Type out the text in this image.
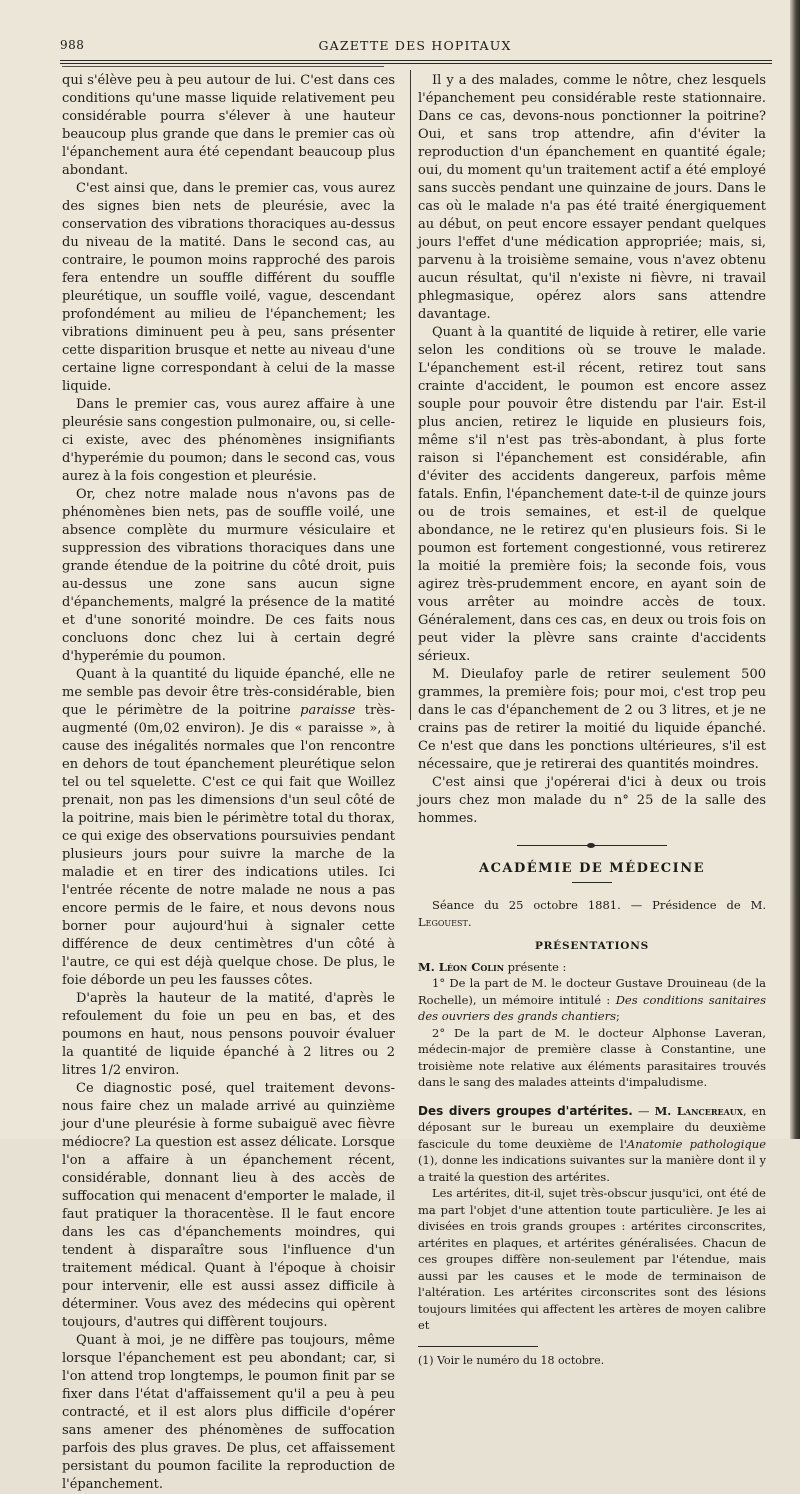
988	GAZETTE DES HOPITAUX

qui s'élève peu à peu autour de lui. C'est dans ces conditions qu'une masse liquide relativement peu considérable pourra s'élever à une hauteur beaucoup plus grande que dans le premier cas où l'épanchement aura été cependant beaucoup plus abondant.

C'est ainsi que, dans le premier cas, vous aurez des signes bien nets de pleurésie, avec la conservation des vibrations thoraciques au-dessus du niveau de la matité. Dans le second cas, au contraire, le poumon moins rapproché des parois fera entendre un souffle différent du souffle pleurétique, un souffle voilé, vague, descendant profondément au milieu de l'épanchement; les vibrations diminuent peu à peu, sans présenter cette disparition brusque et nette au niveau d'une certaine ligne correspondant à celui de la masse liquide.

Dans le premier cas, vous aurez affaire à une pleurésie sans congestion pulmonaire, ou, si celle-ci existe, avec des phénomènes insignifiants d'hyperémie du poumon; dans le second cas, vous aurez à la fois congestion et pleurésie.

Or, chez notre malade nous n'avons pas de phénomènes bien nets, pas de souffle voilé, une absence complète du murmure vésiculaire et suppression des vibrations thoraciques dans une grande étendue de la poitrine du côté droit, puis au-dessus une zone sans aucun signe d'épanchements, malgré la présence de la matité et d'une sonorité moindre. De ces faits nous concluons donc chez lui à certain degré d'hyperémie du poumon.

Quant à la quantité du liquide épanché, elle ne me semble pas devoir être très-considérable, bien que le périmètre de la poitrine paraisse très-augmenté (0m,02 environ). Je dis « paraisse », à cause des inégalités normales que l'on rencontre en dehors de tout épanchement pleurétique selon tel ou tel squelette. C'est ce qui fait que Woillez prenait, non pas les dimensions d'un seul côté de la poitrine, mais bien le périmètre total du thorax, ce qui exige des observations poursuivies pendant plusieurs jours pour suivre la marche de la maladie et en tirer des indications utiles. Ici l'entrée récente de notre malade ne nous a pas encore permis de le faire, et nous devons nous borner pour aujourd'hui à signaler cette différence de deux centimètres d'un côté à l'autre, ce qui est déjà quelque chose. De plus, le foie déborde un peu les fausses côtes.

D'après la hauteur de la matité, d'après le refoulement du foie un peu en bas, et des poumons en haut, nous pensons pouvoir évaluer la quantité de liquide épanché à 2 litres ou 2 litres 1/2 environ.

Ce diagnostic posé, quel traitement devons-nous faire chez un malade arrivé au quinzième jour d'une pleurésie à forme subaiguë avec fièvre médiocre? La question est assez délicate. Lorsque l'on a affaire à un épanchement récent, considérable, donnant lieu à des accès de suffocation qui menacent d'emporter le malade, il faut pratiquer la thoracentèse. Il le faut encore dans les cas d'épanchements moindres, qui tendent à disparaître sous l'influence d'un traitement médical. Quant à l'époque à choisir pour intervenir, elle est aussi assez difficile à déterminer. Vous avez des médecins qui opèrent toujours, d'autres qui diffèrent toujours.

Quant à moi, je ne diffère pas toujours, même lorsque l'épanchement est peu abondant; car, si l'on attend trop longtemps, le poumon finit par se fixer dans l'état d'affaissement qu'il a peu à peu contracté, et il est alors plus difficile d'opérer sans amener des phénomènes de suffocation parfois des plus graves. De plus, cet affaissement persistant du poumon facilite la reproduction de l'épanchement.

Il y a des malades, comme le nôtre, chez lesquels l'épanchement peu considérable reste stationnaire. Dans ce cas, devons-nous ponctionner la poitrine? Oui, et sans trop attendre, afin d'éviter la reproduction d'un épanchement en quantité égale; oui, du moment qu'un traitement actif a été employé sans succès pendant une quinzaine de jours. Dans le cas où le malade n'a pas été traité énergiquement au début, on peut encore essayer pendant quelques jours l'effet d'une médication appropriée; mais, si, parvenu à la troisième semaine, vous n'avez obtenu aucun résultat, qu'il n'existe ni fièvre, ni travail phlegmasique, opérez alors sans attendre davantage.

Quant à la quantité de liquide à retirer, elle varie selon les conditions où se trouve le malade. L'épanchement est-il récent, retirez tout sans crainte d'accident, le poumon est encore assez souple pour pouvoir être distendu par l'air. Est-il plus ancien, retirez le liquide en plusieurs fois, même s'il n'est pas très-abondant, à plus forte raison si l'épanchement est considérable, afin d'éviter des accidents dangereux, parfois même fatals. Enfin, l'épanchement date-t-il de quinze jours ou de trois semaines, et est-il de quelque abondance, ne le retirez qu'en plusieurs fois. Si le poumon est fortement congestionné, vous retirerez la moitié la première fois; la seconde fois, vous agirez très-prudemment encore, en ayant soin de vous arrêter au moindre accès de toux. Généralement, dans ces cas, en deux ou trois fois on peut vider la plèvre sans crainte d'accidents sérieux.

M. Dieulafoy parle de retirer seulement 500 grammes, la première fois; pour moi, c'est trop peu dans le cas d'épanchement de 2 ou 3 litres, et je ne crains pas de retirer la moitié du liquide épanché. Ce n'est que dans les ponctions ultérieures, s'il est nécessaire, que je retirerai des quantités moindres.

C'est ainsi que j'opérerai d'ici à deux ou trois jours chez mon malade du n° 25 de la salle des hommes.

ACADÉMIE DE MÉDECINE

Séance du 25 octobre 1881. — Présidence de M. Legouest.

PRÉSENTATIONS

M. Léon Colin présente :

1° De la part de M. le docteur Gustave Drouineau (de la Rochelle), un mémoire intitulé : Des conditions sanitaires des ouvriers des grands chantiers;

2° De la part de M. le docteur Alphonse Laveran, médecin-major de première classe à Constantine, une troisième note relative aux éléments parasitaires trouvés dans le sang des malades atteints d'impaludisme.

Des divers groupes d'artérites. — M. Lancereaux, en déposant sur le bureau un exemplaire du deuxième fascicule du tome deuxième de l'Anatomie pathologique (1), donne les indications suivantes sur la manière dont il y a traité la question des artérites.

Les artérites, dit-il, sujet très-obscur jusqu'ici, ont été de ma part l'objet d'une attention toute particulière. Je les ai divisées en trois grands groupes : artérites circonscrites, artérites en plaques, et artérites généralisées. Chacun de ces groupes diffère non-seulement par l'étendue, mais aussi par les causes et le mode de terminaison de l'altération. Les artérites circonscrites sont des lésions toujours limitées qui affectent les artères de moyen calibre et

(1) Voir le numéro du 18 octobre.
